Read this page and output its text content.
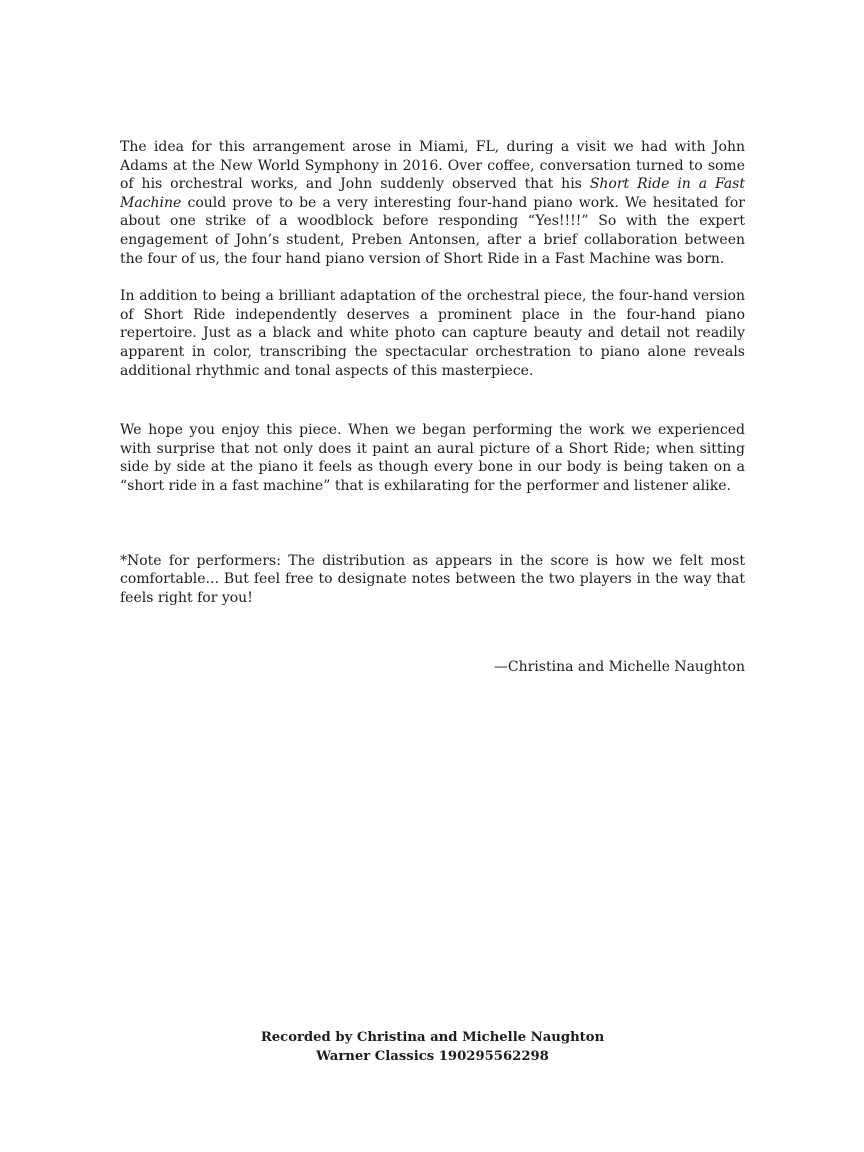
The idea for this arrangement arose in Miami, FL, during a visit we had with John Adams at the New World Symphony in 2016. Over coffee, conversation turned to some of his orchestral works, and John suddenly observed that his Short Ride in a Fast Machine could prove to be a very interesting four-hand piano work. We hesitated for about one strike of a woodblock before responding “Yes!!!!” So with the expert engagement of John’s student, Preben Antonsen, after a brief collaboration between the four of us, the four hand piano version of Short Ride in a Fast Machine was born.

In addition to being a brilliant adaptation of the orchestral piece, the four-hand version of Short Ride independently deserves a prominent place in the four-hand piano repertoire. Just as a black and white photo can capture beauty and detail not readily apparent in color, transcribing the spectacular orchestration to piano alone reveals additional rhythmic and tonal aspects of this masterpiece.

We hope you enjoy this piece. When we began performing the work we experienced with surprise that not only does it paint an aural picture of a Short Ride; when sitting side by side at the piano it feels as though every bone in our body is being taken on a “short ride in a fast machine” that is exhilarating for the performer and listener alike.

*Note for performers: The distribution as appears in the score is how we felt most comfortable... But feel free to designate notes between the two players in the way that feels right for you!

—Christina and Michelle Naughton

Recorded by Christina and Michelle Naughton
Warner Classics 190295562298
